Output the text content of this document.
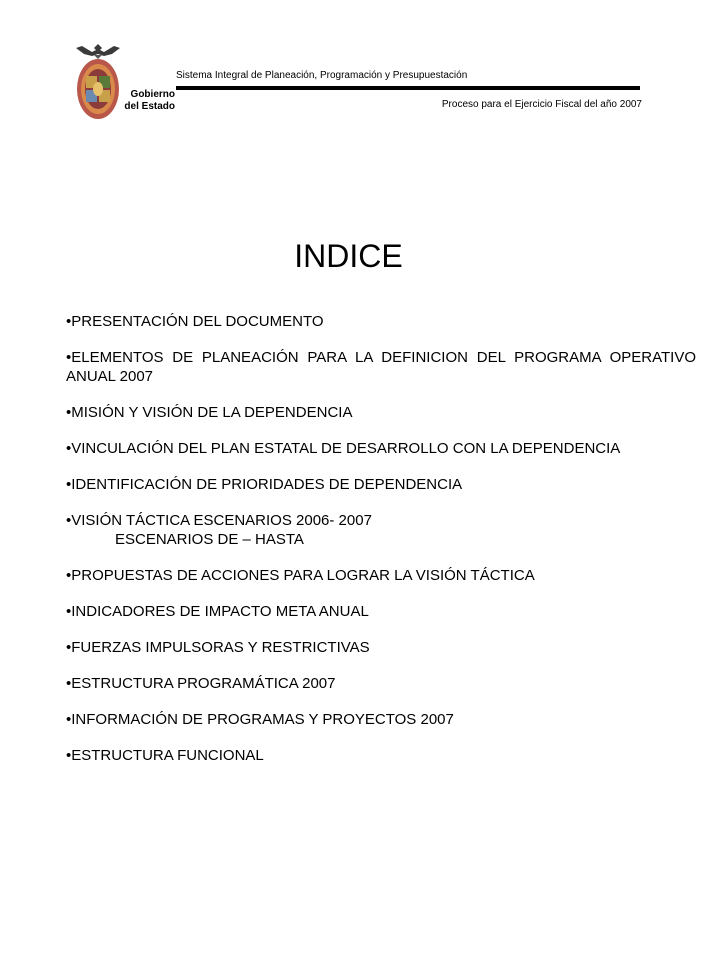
Gobierno
del Estado
Sistema Integral de Planeación, Programación y Presupuestación
Proceso para el Ejercicio Fiscal del año 2007
INDICE
•PRESENTACIÓN DEL DOCUMENTO
•ELEMENTOS DE PLANEACIÓN PARA LA DEFINICION DEL PROGRAMA OPERATIVO ANUAL 2007
•MISIÓN Y VISIÓN DE LA DEPENDENCIA
•VINCULACIÓN DEL PLAN ESTATAL DE DESARROLLO CON LA DEPENDENCIA
•IDENTIFICACIÓN DE PRIORIDADES DE DEPENDENCIA
•VISIÓN TÁCTICA ESCENARIOS 2006- 2007
ESCENARIOS DE – HASTA
•PROPUESTAS DE ACCIONES PARA LOGRAR LA VISIÓN TÁCTICA
•INDICADORES DE IMPACTO META ANUAL
•FUERZAS IMPULSORAS Y RESTRICTIVAS
•ESTRUCTURA PROGRAMÁTICA 2007
•INFORMACIÓN DE PROGRAMAS Y PROYECTOS 2007
•ESTRUCTURA FUNCIONAL
